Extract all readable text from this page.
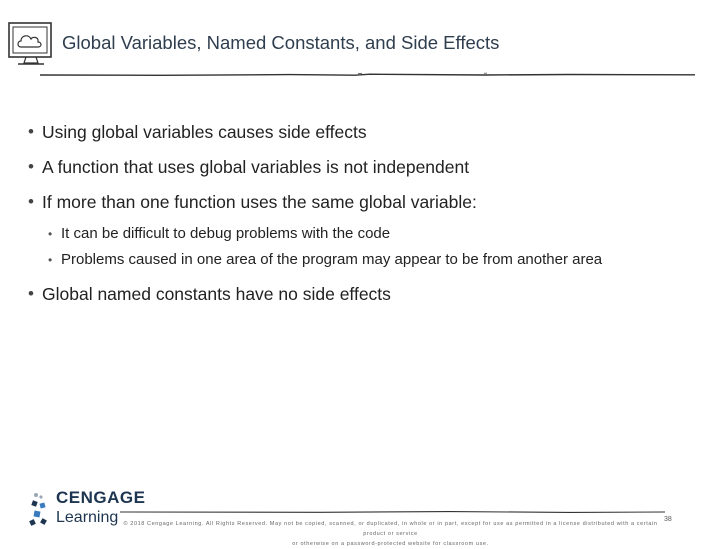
Global Variables, Named Constants, and Side Effects
• Using global variables causes side effects
• A function that uses global variables is not independent
• If more than one function uses the same global variable:
• It can be difficult to debug problems with the code
• Problems caused in one area of the program may appear to be from another area
• Global named constants have no side effects
CENGAGE
Learning © 2018 Cengage Learning. All Rights Reserved. May not be copied, scanned, or duplicated, in whole or in part, except for use as permitted in a license distributed with a certain product or service
or otherwise on a password-protected website for classroom use.
38
